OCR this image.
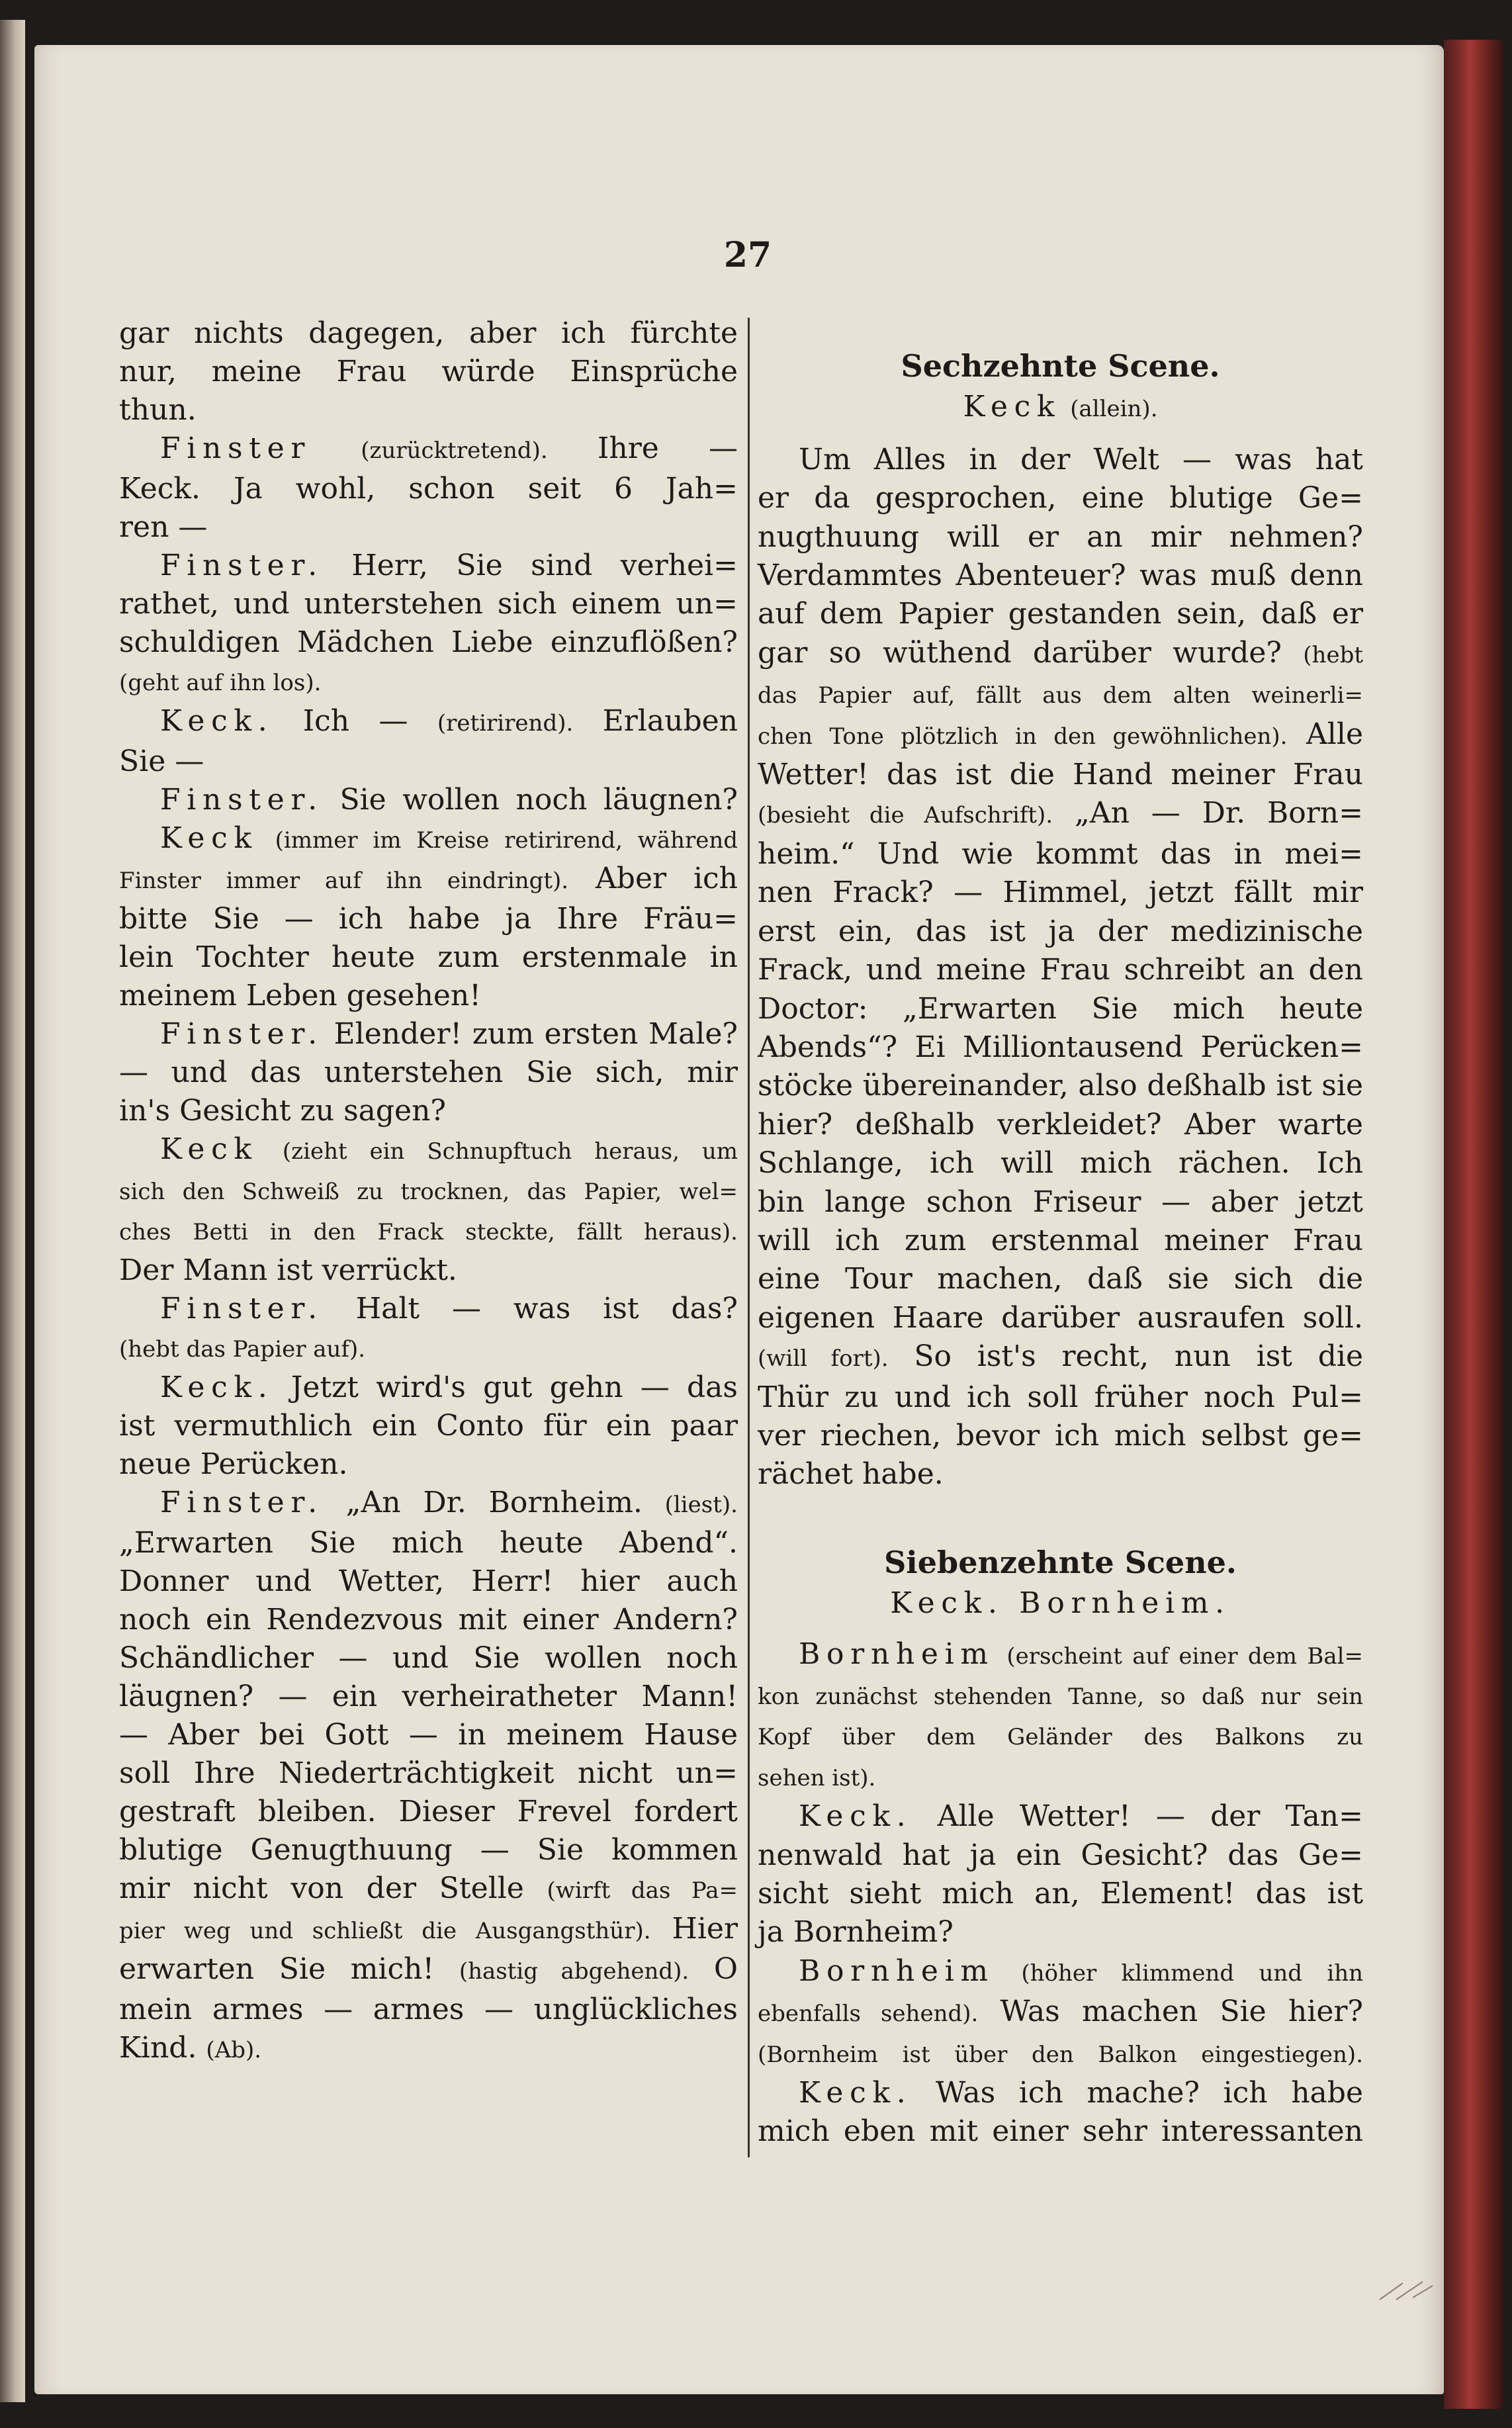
27
gar nichts dagegen, aber ich fürchte
nur, meine Frau würde Einsprüche
thun.
Finster (zurücktretend). Ihre —
Keck. Ja wohl, schon seit 6 Jah=
ren —
Finster. Herr, Sie sind verhei=
rathet, und unterstehen sich einem un=
schuldigen Mädchen Liebe einzuflößen?
(geht auf ihn los).
Keck. Ich — (retirirend). Erlauben
Sie —
Finster. Sie wollen noch läugnen?
Keck (immer im Kreise retirirend, während
Finster immer auf ihn eindringt). Aber ich
bitte Sie — ich habe ja Ihre Fräu=
lein Tochter heute zum erstenmale in
meinem Leben gesehen!
Finster. Elender! zum ersten Male?
— und das unterstehen Sie sich, mir
in's Gesicht zu sagen?
Keck (zieht ein Schnupftuch heraus, um
sich den Schweiß zu trocknen, das Papier, wel=
ches Betti in den Frack steckte, fällt heraus).
Der Mann ist verrückt.
Finster. Halt — was ist das?
(hebt das Papier auf).
Keck. Jetzt wird's gut gehn — das
ist vermuthlich ein Conto für ein paar
neue Perücken.
Finster. „An Dr. Bornheim. (liest).
„Erwarten Sie mich heute Abend“.
Donner und Wetter, Herr! hier auch
noch ein Rendezvous mit einer Andern?
Schändlicher — und Sie wollen noch
läugnen? — ein verheiratheter Mann!
— Aber bei Gott — in meinem Hause
soll Ihre Niederträchtigkeit nicht un=
gestraft bleiben. Dieser Frevel fordert
blutige Genugthuung — Sie kommen
mir nicht von der Stelle (wirft das Pa=
pier weg und schließt die Ausgangsthür). Hier
erwarten Sie mich! (hastig abgehend). O
mein armes — armes — unglückliches
Kind. (Ab).
Sechzehnte Scene.
Keck (allein).
Um Alles in der Welt — was hat
er da gesprochen, eine blutige Ge=
nugthuung will er an mir nehmen?
Verdammtes Abenteuer? was muß denn
auf dem Papier gestanden sein, daß er
gar so wüthend darüber wurde? (hebt
das Papier auf, fällt aus dem alten weinerli=
chen Tone plötzlich in den gewöhnlichen). Alle
Wetter! das ist die Hand meiner Frau
(besieht die Aufschrift). „An — Dr. Born=
heim.“ Und wie kommt das in mei=
nen Frack? — Himmel, jetzt fällt mir
erst ein, das ist ja der medizinische
Frack, und meine Frau schreibt an den
Doctor: „Erwarten Sie mich heute
Abends“? Ei Milliontausend Perücken=
stöcke übereinander, also deßhalb ist sie
hier? deßhalb verkleidet? Aber warte
Schlange, ich will mich rächen. Ich
bin lange schon Friseur — aber jetzt
will ich zum erstenmal meiner Frau
eine Tour machen, daß sie sich die
eigenen Haare darüber ausraufen soll.
(will fort). So ist's recht, nun ist die
Thür zu und ich soll früher noch Pul=
ver riechen, bevor ich mich selbst ge=
rächet habe.
Siebenzehnte Scene.
Keck. Bornheim.
Bornheim (erscheint auf einer dem Bal=
kon zunächst stehenden Tanne, so daß nur sein
Kopf über dem Geländer des Balkons zu
sehen ist).
Keck. Alle Wetter! — der Tan=
nenwald hat ja ein Gesicht? das Ge=
sicht sieht mich an, Element! das ist
ja Bornheim?
Bornheim (höher klimmend und ihn
ebenfalls sehend). Was machen Sie hier?
(Bornheim ist über den Balkon eingestiegen).
Keck. Was ich mache? ich habe
mich eben mit einer sehr interessanten
